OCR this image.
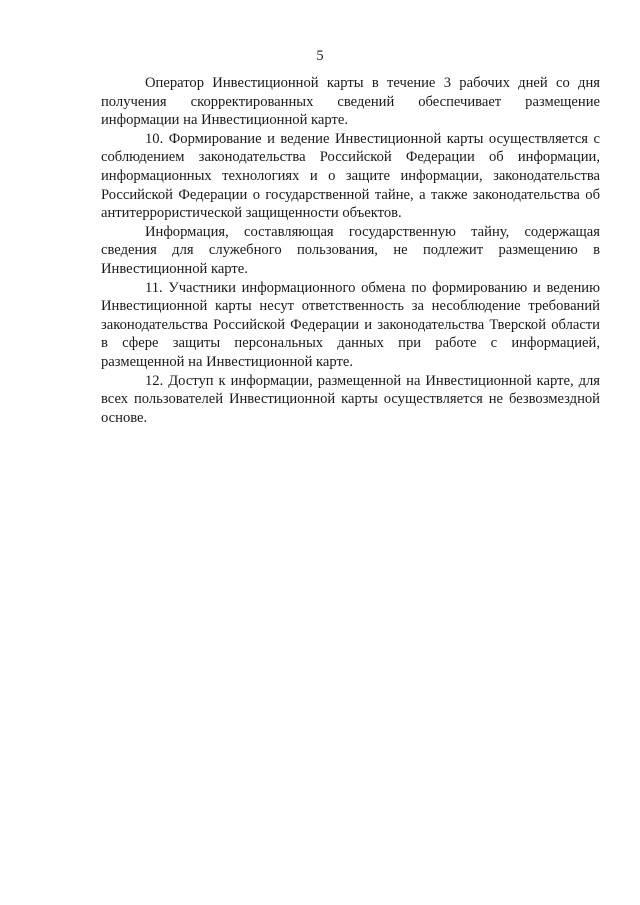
5

Оператор Инвестиционной карты в течение 3 рабочих дней со дня получения скорректированных сведений обеспечивает размещение информации на Инвестиционной карте.

10. Формирование и ведение Инвестиционной карты осуществляется с соблюдением законодательства Российской Федерации об информации, информационных технологиях и о защите информации, законодательства Российской Федерации о государственной тайне, а также законодательства об антитеррористической защищенности объектов.

Информация, составляющая государственную тайну, содержащая сведения для служебного пользования, не подлежит размещению в Инвестиционной карте.

11. Участники информационного обмена по формированию и ведению Инвестиционной карты несут ответственность за несоблюдение требований законодательства Российской Федерации и законодательства Тверской области в сфере защиты персональных данных при работе с информацией, размещенной на Инвестиционной карте.

12. Доступ к информации, размещенной на Инвестиционной карте, для всех пользователей Инвестиционной карты осуществляется не безвозмездной основе.
